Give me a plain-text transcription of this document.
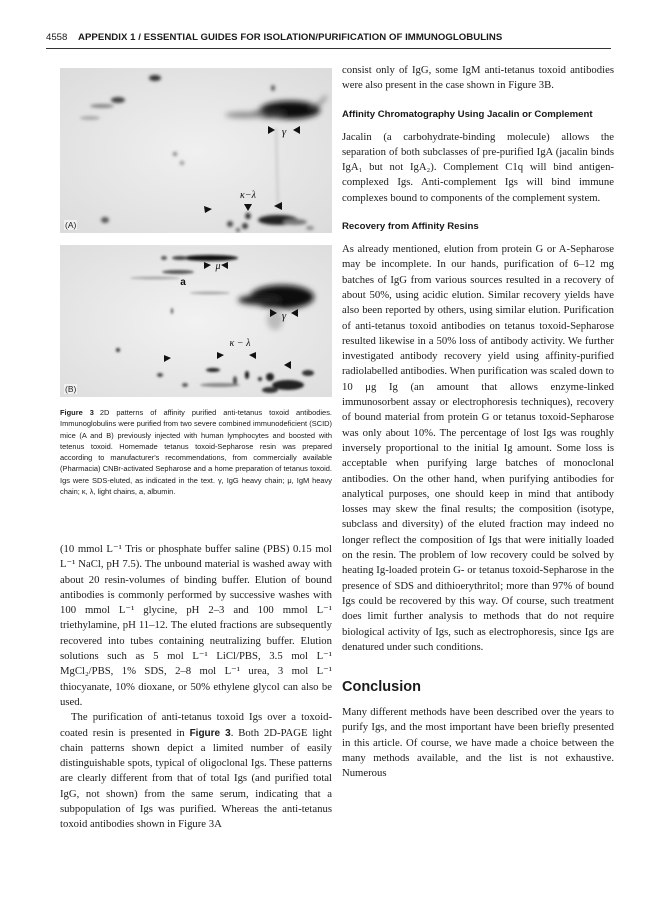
4558 APPENDIX 1 / ESSENTIAL GUIDES FOR ISOLATION/PURIFICATION OF IMMUNOGLOBULINS
γ
κ−λ
(A)
μ
a
γ
κ − λ
(B)
Figure 3 2D patterns of affinity purified anti-tetanus toxoid antibodies. Immunoglobulins were purified from two severe combined immunodeficient (SCID) mice (A and B) previously injected with human lymphocytes and boosted with tetenus toxoid. Homemade tetanus toxoid-Sepharose resin was prepared according to manufacturer's recommendations, from commercially available (Pharmacia) CNBr-activated Sepharose and a home preparation of tetanus toxoid. Igs were SDS-eluted, as indicated in the text. γ, IgG heavy chain; μ, IgM heavy chain; κ, λ, light chains, a, albumin.

(10 mmol L⁻¹ Tris or phosphate buffer saline (PBS) 0.15 mol L⁻¹ NaCl, pH 7.5). The unbound material is washed away with about 20 resin-volumes of binding buffer. Elution of bound antibodies is commonly performed by successive washes with 100 mmol L⁻¹ glycine, pH 2–3 and 100 mmol L⁻¹ triethylamine, pH 11–12. The eluted fractions are subsequently recovered into tubes containing neutralizing buffer. Elution solutions such as 5 mol L⁻¹ LiCl/PBS, 3.5 mol L⁻¹ MgCl₂/PBS, 1% SDS, 2–8 mol L⁻¹ urea, 3 mol L⁻¹ thiocyanate, 10% dioxane, or 50% ethylene glycol can also be used.

The purification of anti-tetanus toxoid Igs over a toxoid-coated resin is presented in Figure 3. Both 2D-PAGE light chain patterns shown depict a limited number of easily distinguishable spots, typical of oligoclonal Igs. These patterns are clearly different from that of total Igs (and purified total IgG, not shown) from the same serum, indicating that a subpopulation of Igs was purified. Whereas the anti-tetanus toxoid antibodies shown in Figure 3A

consist only of IgG, some IgM anti-tetanus toxoid antibodies were also present in the case shown in Figure 3B.

Affinity Chromatography Using Jacalin or Complement

Jacalin (a carbohydrate-binding molecule) allows the separation of both subclasses of pre-purified IgA (jacalin binds IgA₁ but not IgA₂). Complement C1q will bind antigen-complexed Igs. Anti-complement Igs will bind immune complexes bound to components of the complement system.

Recovery from Affinity Resins

As already mentioned, elution from protein G or A-Sepharose may be incomplete. In our hands, purification of 6–12 mg batches of IgG from various sources resulted in a recovery of about 50%, using acidic elution. Similar recovery yields have also been reported by others, using similar elution. Purification of anti-tetanus toxoid antibodies on tetanus toxoid-Sepharose resulted likewise in a 50% loss of antibody activity. We further investigated antibody recovery yield using affinity-purified radiolabelled antibodies. When purification was scaled down to 10 μg Ig (an amount that allows enzyme-linked immunosorbent assay or electrophoresis techniques), recovery of bound material from protein G or tetanus toxoid-Sepharose was only about 10%. The percentage of lost Igs was roughly inversely proportional to the initial Ig amount. Some loss is acceptable when purifying large batches of monoclonal antibodies. On the other hand, when purifying antibodies for analytical purposes, one should keep in mind that antibody losses may skew the final results; the composition (isotype, subclass and diversity) of the eluted fraction may indeed no longer reflect the composition of Igs that were initially loaded on the resin. The problem of low recovery could be solved by heating Ig-loaded protein G- or tetanus toxoid-Sepharose in the presence of SDS and dithioerythritol; more than 97% of bound Igs could be recovered by this way. Of course, such treatment does limit further analysis to methods that do not require biological activity of Igs, such as electrophoresis, since Igs are denatured under such conditions.

Conclusion

Many different methods have been described over the years to purify Igs, and the most important have been briefly presented in this article. Of course, we have made a choice between the many methods available, and the list is not exhaustive. Numerous
